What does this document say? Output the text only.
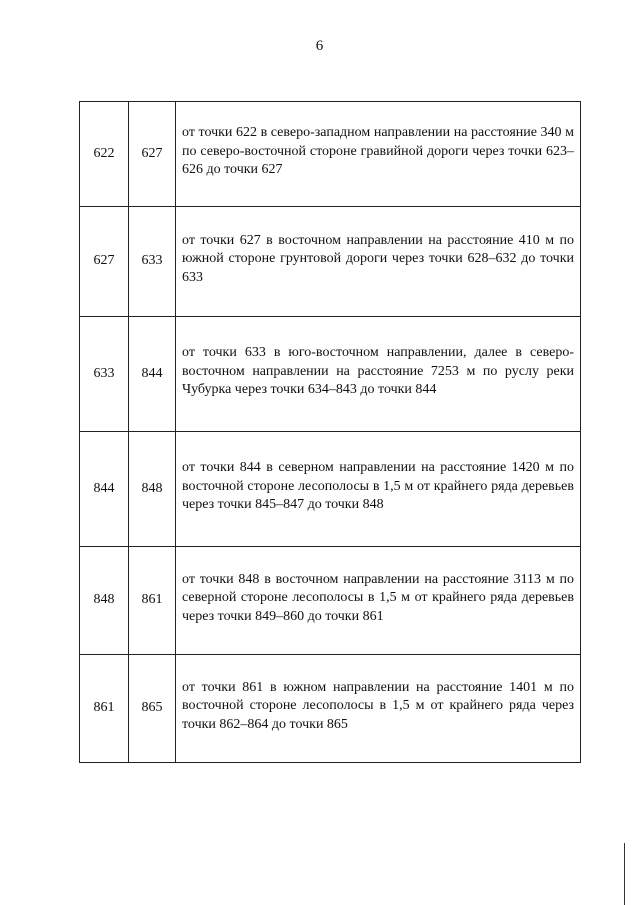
6
622	627	от точки 622 в северо-западном направлении на расстояние 340 м по северо-восточной стороне гравийной дороги через точки 623–626 до точки 627

627	633	от точки 627 в восточном направлении на расстояние 410 м по южной стороне грунтовой дороги через точки 628–632 до точки 633

633	844	от точки 633 в юго-восточном направлении, далее в северо-восточном направлении на расстояние 7253 м по руслу реки Чубурка через точки 634–843 до точки 844

844	848	от точки 844 в северном направлении на расстояние 1420 м по восточной стороне лесополосы в 1,5 м от крайнего ряда деревьев через точки 845–847 до точки 848

848	861	от точки 848 в восточном направлении на расстояние 3113 м по северной стороне лесополосы в 1,5 м от крайнего ряда деревьев через точки 849–860 до точки 861

861	865	от точки 861 в южном направлении на расстояние 1401 м по восточной стороне лесополосы в 1,5 м от крайнего ряда через точки 862–864 до точки 865
